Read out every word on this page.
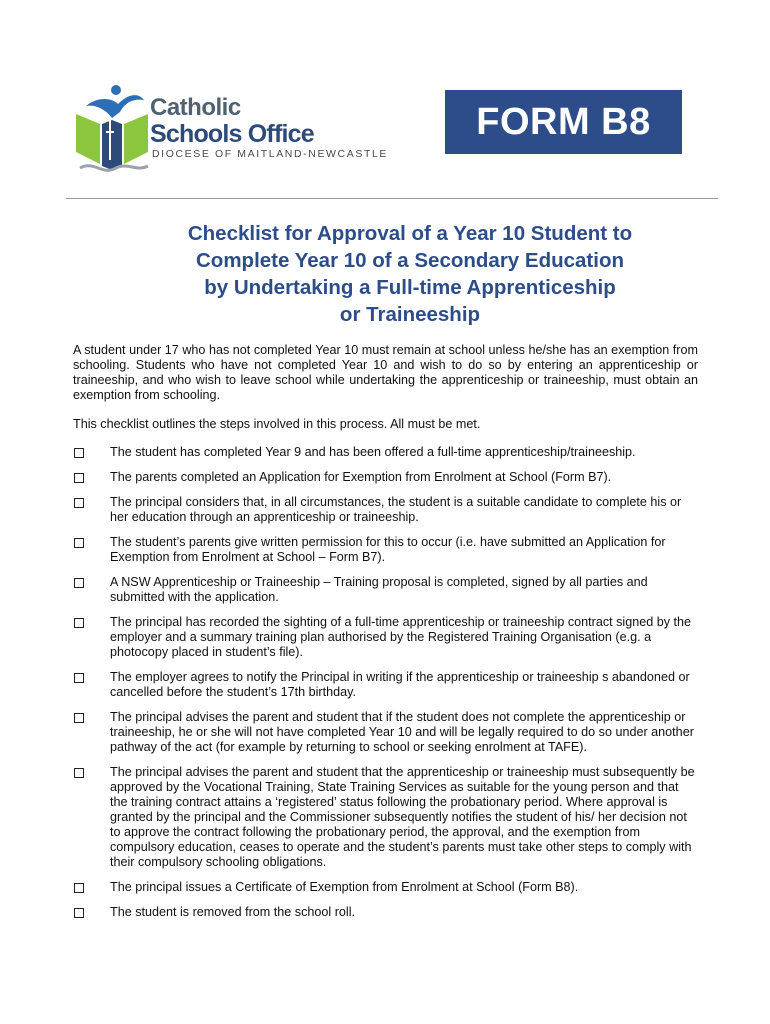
Catholic
Schools Office
DIOCESE OF MAITLAND-NEWCASTLE
FORM B8
Checklist for Approval of a Year 10 Student to
Complete Year 10 of a Secondary Education
by Undertaking a Full-time Apprenticeship
or Traineeship

A student under 17 who has not completed Year 10 must remain at school unless he/she has an exemption from schooling. Students who have not completed Year 10 and wish to do so by entering an apprenticeship or traineeship, and who wish to leave school while undertaking the apprenticeship or traineeship, must obtain an exemption from schooling.

This checklist outlines the steps involved in this process. All must be met.

The student has completed Year 9 and has been offered a full-time apprenticeship/traineeship.
The parents completed an Application for Exemption from Enrolment at School (Form B7).
The principal considers that, in all circumstances, the student is a suitable candidate to complete his or her education through an apprenticeship or traineeship.
The student’s parents give written permission for this to occur (i.e. have submitted an Application for Exemption from Enrolment at School – Form B7).
A NSW Apprenticeship or Traineeship – Training proposal is completed, signed by all parties and submitted with the application.
The principal has recorded the sighting of a full-time apprenticeship or traineeship contract signed by the employer and a summary training plan authorised by the Registered Training Organisation (e.g. a photocopy placed in student’s file).
The employer agrees to notify the Principal in writing if the apprenticeship or traineeship s abandoned or cancelled before the student’s 17th birthday.
The principal advises the parent and student that if the student does not complete the apprenticeship or traineeship, he or she will not have completed Year 10 and will be legally required to do so under another pathway of the act (for example by returning to school or seeking enrolment at TAFE).
The principal advises the parent and student that the apprenticeship or traineeship must subsequently be approved by the Vocational Training, State Training Services as suitable for the young person and that the training contract attains a ‘registered’ status following the probationary period. Where approval is granted by the principal and the Commissioner subsequently notifies the student of his/ her decision not to approve the contract following the probationary period, the approval, and the exemption from compulsory education, ceases to operate and the student’s parents must take other steps to comply with their compulsory schooling obligations.
The principal issues a Certificate of Exemption from Enrolment at School (Form B8).
The student is removed from the school roll.
